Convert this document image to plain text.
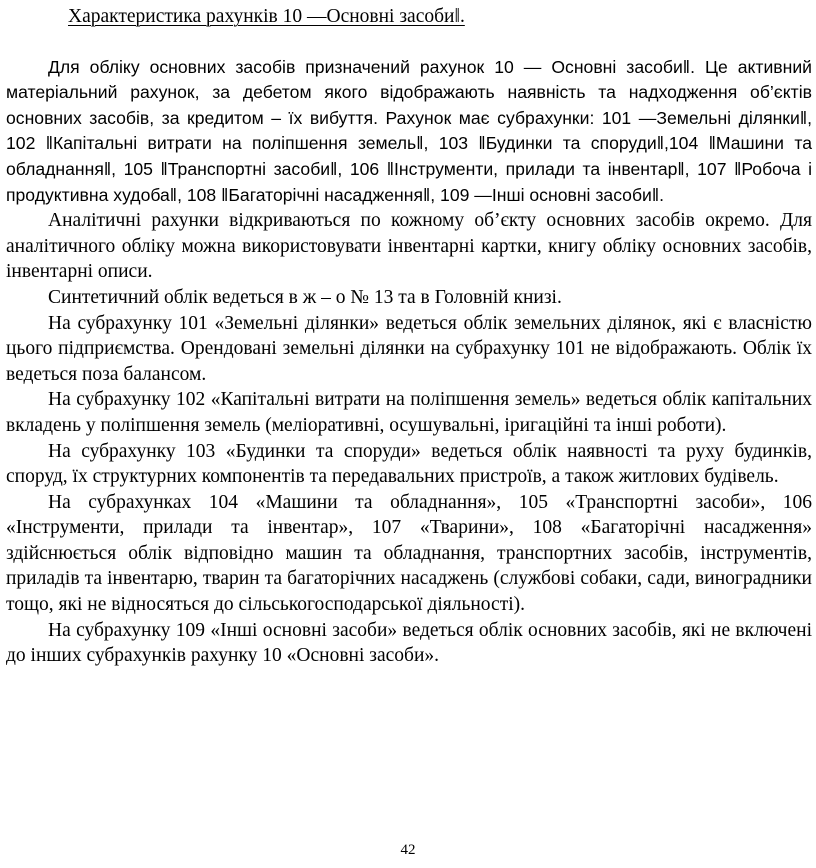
Характеристика рахунків 10 ―Основні засоби‖.

Для обліку основних засобів призначений рахунок 10 ― Основні засоби‖. Це активний матеріальний рахунок, за дебетом якого відображають наявність та надходження об’єктів основних засобів, за кредитом – їх вибуття. Рахунок має субрахунки: 101 ―Земельні ділянки‖, 102 ‖Капітальні витрати на поліпшення земель‖, 103 ‖Будинки та споруди‖,104 ‖Машини та обладнання‖, 105 ‖Транспортні засоби‖, 106 ‖Інструменти, прилади та інвентар‖, 107 ‖Робоча і продуктивна худоба‖, 108 ‖Багаторічні насадження‖, 109 ―Інші основні засоби‖.

Аналітичні рахунки відкриваються по кожному об’єкту основних засобів окремо. Для аналітичного обліку можна використовувати інвентарні картки, книгу обліку основних засобів, інвентарні описи.

Синтетичний облік ведеться в ж – о № 13 та в Головній книзі.

На субрахунку 101 «Земельні ділянки» ведеться облік земельних ділянок, які є власністю цього підприємства. Орендовані земельні ділянки на субрахунку 101 не відображають. Облік їх ведеться поза балансом.

На субрахунку 102 «Капітальні витрати на поліпшення земель» ведеться облік капітальних вкладень у поліпшення земель (меліоративні, осушувальні, іригаційні та інші роботи).

На субрахунку 103 «Будинки та споруди» ведеться облік наявності та руху будинків, споруд, їх структурних компонентів та передавальних пристроїв, а також житлових будівель.

На субрахунках 104 «Машини та обладнання», 105 «Транспортні засоби», 106 «Інструменти, прилади та інвентар», 107 «Тварини», 108 «Багаторічні насадження» здійснюється облік відповідно машин та обладнання, транспортних засобів, інструментів, приладів та інвентарю, тварин та багаторічних насаджень (службові собаки, сади, виноградники тощо, які не відносяться до сільськогосподарської діяльності).

На субрахунку 109 «Інші основні засоби» ведеться облік основних засобів, які не включені до інших субрахунків рахунку 10 «Основні засоби».

42
